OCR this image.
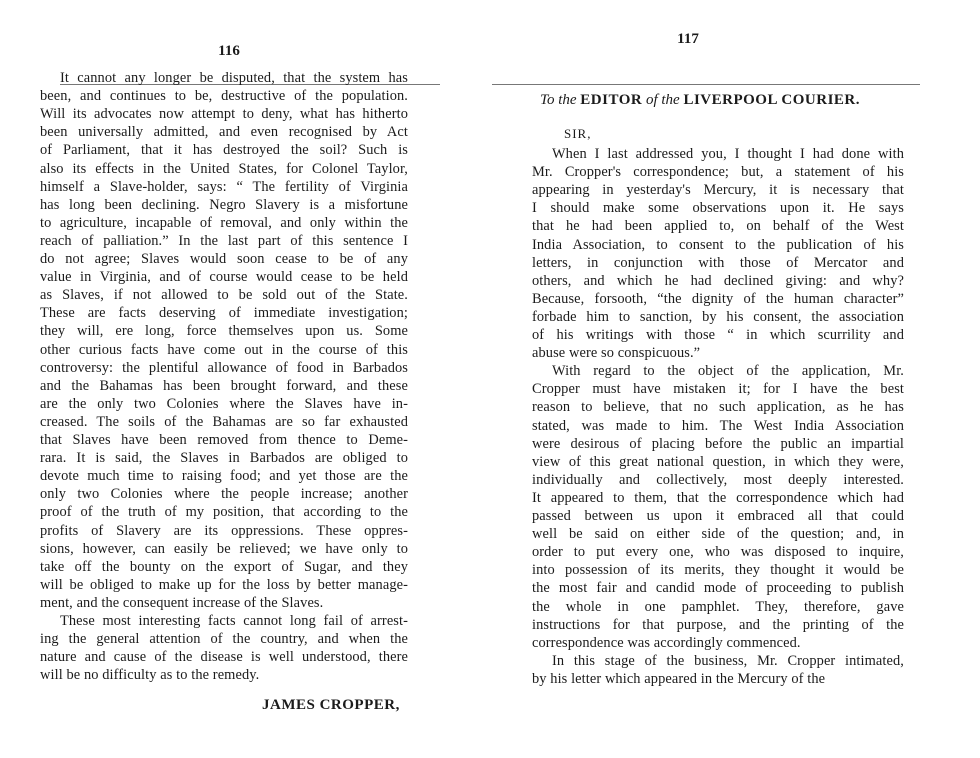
116
It cannot any longer be disputed, that the system has
been, and continues to be, destructive of the population.
Will its advocates now attempt to deny, what has hitherto
been universally admitted, and even recognised by Act
of Parliament, that it has destroyed the soil? Such is
also its effects in the United States, for Colonel Taylor,
himself a Slave-holder, says: “ The fertility of Virginia
has long been declining. Negro Slavery is a misfortune
to agriculture, incapable of removal, and only within the
reach of palliation.” In the last part of this sentence I
do not agree; Slaves would soon cease to be of any
value in Virginia, and of course would cease to be held
as Slaves, if not allowed to be sold out of the State.
These are facts deserving of immediate investigation;
they will, ere long, force themselves upon us. Some
other curious facts have come out in the course of this
controversy: the plentiful allowance of food in Barbados
and the Bahamas has been brought forward, and these
are the only two Colonies where the Slaves have in-
creased. The soils of the Bahamas are so far exhausted
that Slaves have been removed from thence to Deme-
rara. It is said, the Slaves in Barbados are obliged to
devote much time to raising food; and yet those are the
only two Colonies where the people increase; another
proof of the truth of my position, that according to the
profits of Slavery are its oppressions. These oppres-
sions, however, can easily be relieved; we have only to
take off the bounty on the export of Sugar, and they
will be obliged to make up for the loss by better manage-
ment, and the consequent increase of the Slaves.
These most interesting facts cannot long fail of arrest-
ing the general attention of the country, and when the
nature and cause of the disease is well understood, there
will be no difficulty as to the remedy.
JAMES CROPPER,
117
To the EDITOR of the LIVERPOOL COURIER.
SIR,
When I last addressed you, I thought I had done with
Mr. Cropper's correspondence; but, a statement of his
appearing in yesterday's Mercury, it is necessary that
I should make some observations upon it. He says
that he had been applied to, on behalf of the West
India Association, to consent to the publication of his
letters, in conjunction with those of Mercator and
others, and which he had declined giving: and why?
Because, forsooth, “the dignity of the human character”
forbade him to sanction, by his consent, the association
of his writings with those “ in which scurrility and
abuse were so conspicuous.”
With regard to the object of the application, Mr.
Cropper must have mistaken it; for I have the best
reason to believe, that no such application, as he has
stated, was made to him. The West India Association
were desirous of placing before the public an impartial
view of this great national question, in which they were,
individually and collectively, most deeply interested.
It appeared to them, that the correspondence which had
passed between us upon it embraced all that could
well be said on either side of the question; and, in
order to put every one, who was disposed to inquire,
into possession of its merits, they thought it would be
the most fair and candid mode of proceeding to publish
the whole in one pamphlet. They, therefore, gave
instructions for that purpose, and the printing of the
correspondence was accordingly commenced.
In this stage of the business, Mr. Cropper intimated,
by his letter which appeared in the Mercury of the
